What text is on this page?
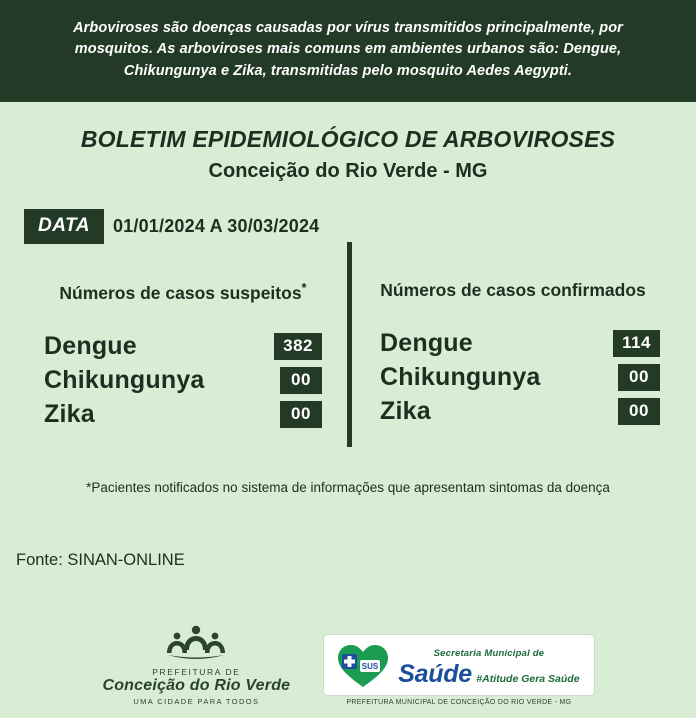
Arboviroses são doenças causadas por vírus transmitidos principalmente, por mosquitos. As arboviroses mais comuns em ambientes urbanos são: Dengue, Chikungunya e Zika, transmitidas pelo mosquito Aedes Aegypti.

BOLETIM EPIDEMIOLÓGICO DE ARBOVIROSES
Conceição do Rio Verde - MG
DATA	01/01/2024 A 30/03/2024
Números de casos suspeitos*
Dengue	382
Chikungunya	00
Zika	00
Números de casos confirmados
Dengue	114
Chikungunya	00
Zika	00
*Pacientes notificados no sistema de informações que apresentam sintomas da doença
Fonte: SINAN-ONLINE
PREFEITURA DE
Conceição do Rio Verde
UMA CIDADE PARA TODOS
SUS
Secretaria Municipal de
Saúde #Atitude Gera Saúde
PREFEITURA MUNICIPAL DE CONCEIÇÃO DO RIO VERDE - MG
